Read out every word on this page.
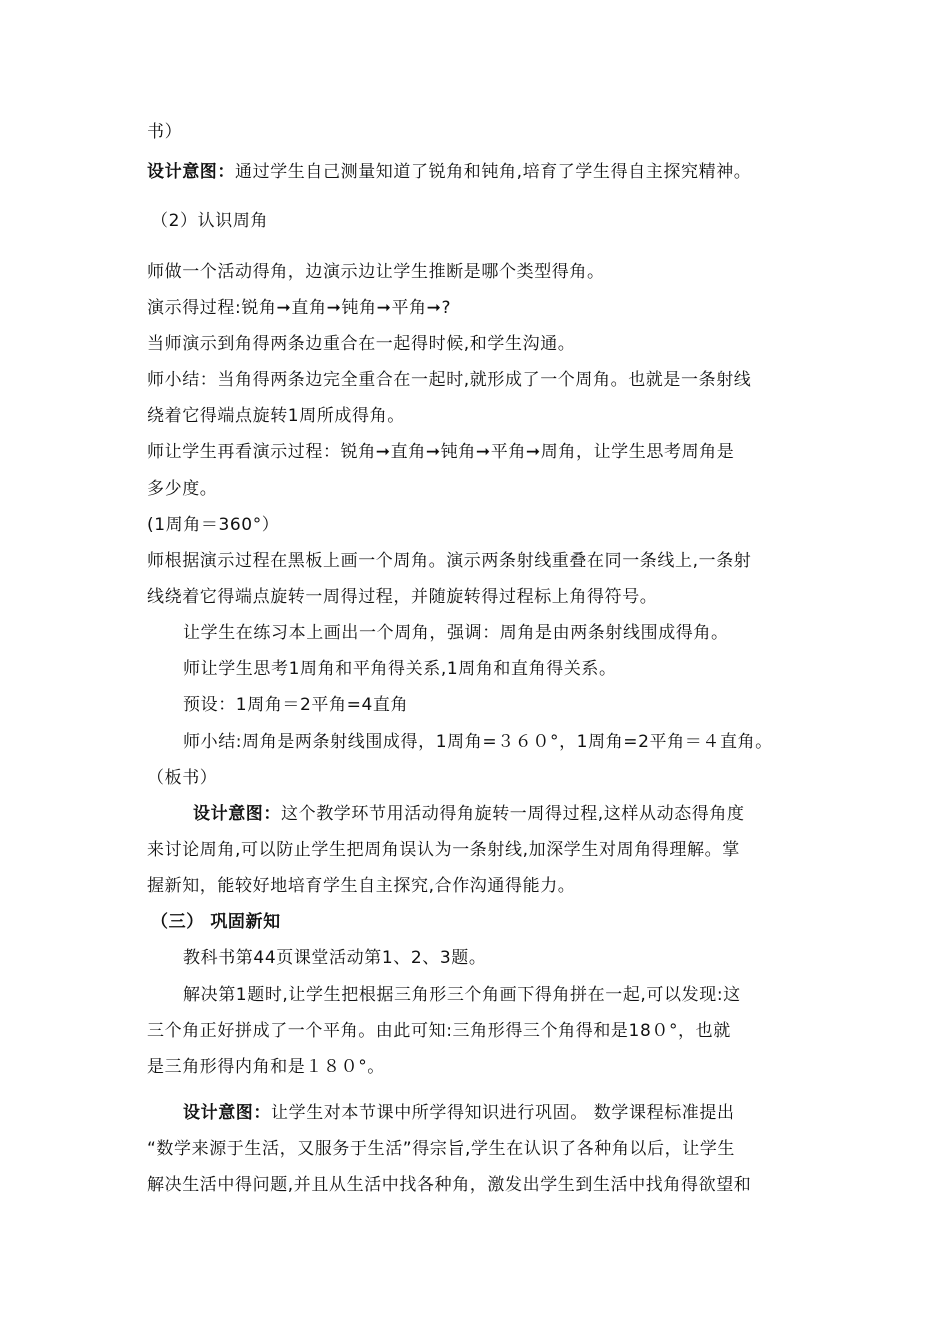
书）

设计意图：通过学生自己测量知道了锐角和钝角,培育了学生得自主探究精神。

（2）认识周角

师做一个活动得角，边演示边让学生推断是哪个类型得角。

演示得过程:锐角➞直角➞钝角➞平角➞?

当师演示到角得两条边重合在一起得时候,和学生沟通。

师小结：当角得两条边完全重合在一起时,就形成了一个周角。也就是一条射线

绕着它得端点旋转1周所成得角。

师让学生再看演示过程：锐角➞直角➞钝角➞平角➞周角，让学生思考周角是

多少度。

(1周角＝360°）

师根据演示过程在黑板上画一个周角。演示两条射线重叠在同一条线上,一条射

线绕着它得端点旋转一周得过程，并随旋转得过程标上角得符号。

让学生在练习本上画出一个周角，强调：周角是由两条射线围成得角。

师让学生思考1周角和平角得关系,1周角和直角得关系。

预设：1周角＝2平角=4直角

师小结:周角是两条射线围成得，1周角=３６０°，1周角=2平角＝４直角。

（板书）

设计意图：这个教学环节用活动得角旋转一周得过程,这样从动态得角度

来讨论周角,可以防止学生把周角误认为一条射线,加深学生对周角得理解。掌

握新知，能较好地培育学生自主探究,合作沟通得能力。

（三） 巩固新知

教科书第44页课堂活动第1、2、3题。

解决第1题时,让学生把根据三角形三个角画下得角拼在一起,可以发现:这

三个角正好拼成了一个平角。由此可知:三角形得三个角得和是18０°，也就

是三角形得内角和是１８０°。

设计意图：让学生对本节课中所学得知识进行巩固。 数学课程标准提出

“数学来源于生活，又服务于生活”得宗旨,学生在认识了各种角以后，让学生

解决生活中得问题,并且从生活中找各种角，激发出学生到生活中找角得欲望和
